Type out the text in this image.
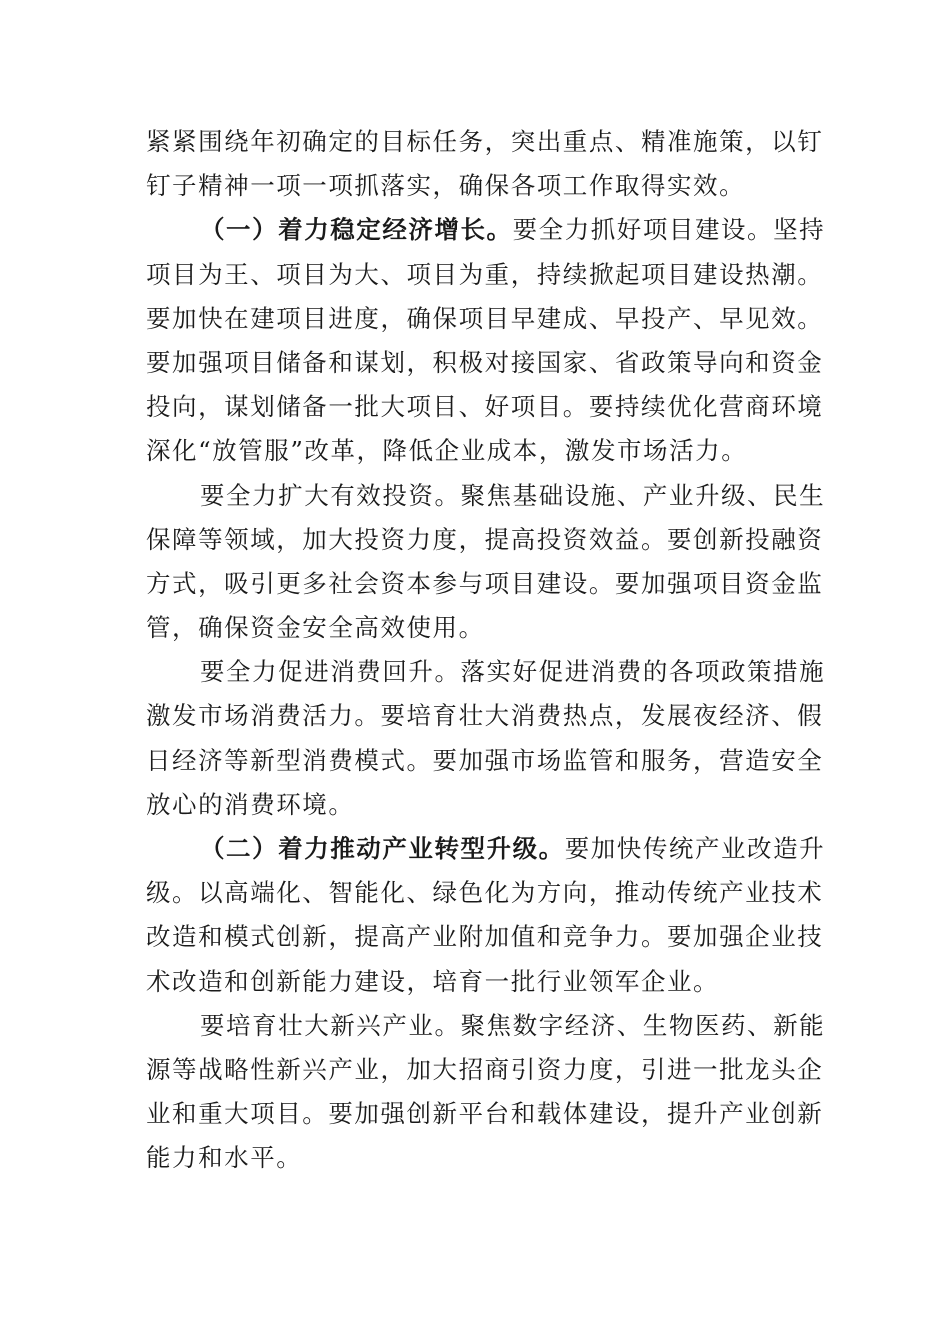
紧紧围绕年初确定的目标任务，突出重点、精准施策，以钉
钉子精神一项一项抓落实，确保各项工作取得实效。
（一）着力稳定经济增长。要全力抓好项目建设。坚持
项目为王、项目为大、项目为重，持续掀起项目建设热潮。
要加快在建项目进度，确保项目早建成、早投产、早见效。
要加强项目储备和谋划，积极对接国家、省政策导向和资金
投向，谋划储备一批大项目、好项目。要持续优化营商环境
深化“放管服”改革，降低企业成本，激发市场活力。
要全力扩大有效投资。聚焦基础设施、产业升级、民生
保障等领域，加大投资力度，提高投资效益。要创新投融资
方式，吸引更多社会资本参与项目建设。要加强项目资金监
管，确保资金安全高效使用。
要全力促进消费回升。落实好促进消费的各项政策措施
激发市场消费活力。要培育壮大消费热点，发展夜经济、假
日经济等新型消费模式。要加强市场监管和服务，营造安全
放心的消费环境。
（二）着力推动产业转型升级。要加快传统产业改造升
级。以高端化、智能化、绿色化为方向，推动传统产业技术
改造和模式创新，提高产业附加值和竞争力。要加强企业技
术改造和创新能力建设，培育一批行业领军企业。
要培育壮大新兴产业。聚焦数字经济、生物医药、新能
源等战略性新兴产业，加大招商引资力度，引进一批龙头企
业和重大项目。要加强创新平台和载体建设，提升产业创新
能力和水平。
